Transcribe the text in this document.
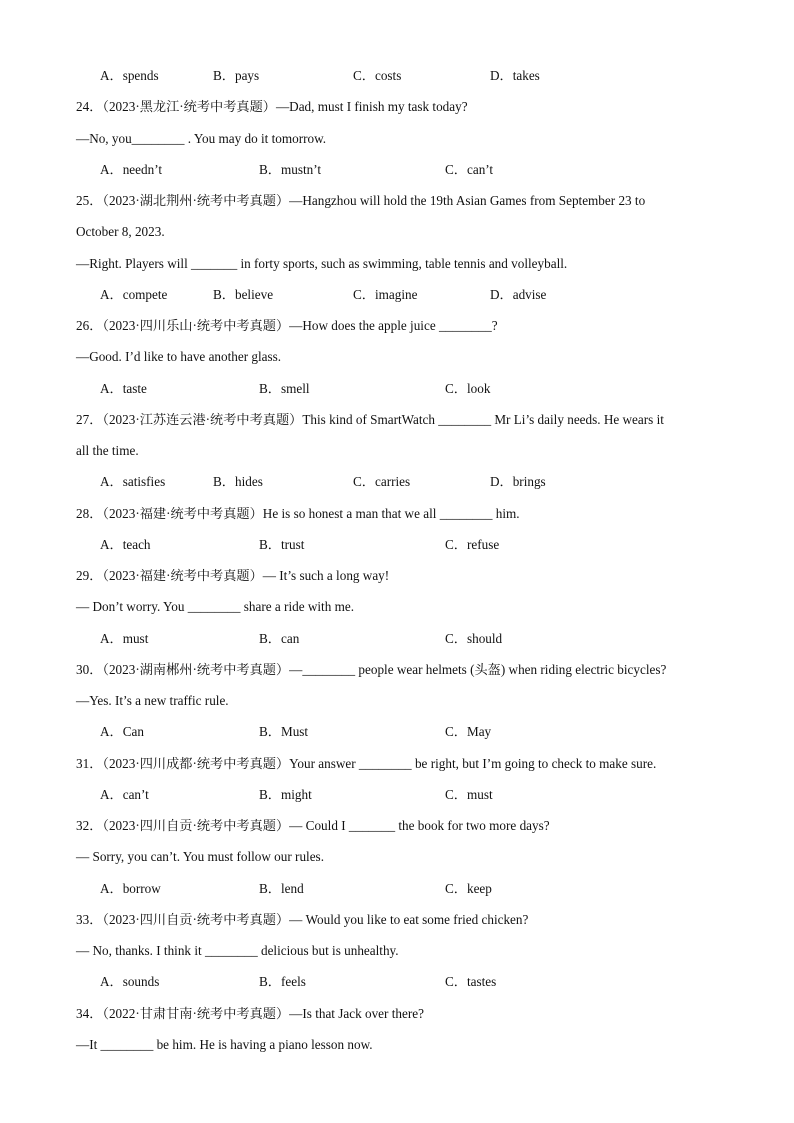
A．spends	B．pays	C．costs	D．takes
24．（2023·黑龙江·统考中考真题）—Dad, must I finish my task today?
—No, you________ . You may do it tomorrow.
A．needn’t	B．mustn’t	C．can’t
25．（2023·湖北荆州·统考中考真题）—Hangzhou will hold the 19th Asian Games from September 23 to
October 8, 2023.
—Right. Players will _______ in forty sports, such as swimming, table tennis and volleyball.
A．compete	B．believe	C．imagine	D．advise
26．（2023·四川乐山·统考中考真题）—How does the apple juice ________?
—Good. I’d like to have another glass.
A．taste	B．smell	C．look
27．（2023·江苏连云港·统考中考真题）This kind of SmartWatch ________ Mr Li’s daily needs. He wears it
all the time.
A．satisfies	B．hides	C．carries	D．brings
28．（2023·福建·统考中考真题）He is so honest a man that we all ________ him.
A．teach	B．trust	C．refuse
29．（2023·福建·统考中考真题）— It’s such a long way!
— Don’t worry. You ________ share a ride with me.
A．must	B．can	C．should
30．（2023·湖南郴州·统考中考真题）—________ people wear helmets (头盔) when riding electric bicycles?
—Yes. It’s a new traffic rule.
A．Can	B．Must	C．May
31．（2023·四川成都·统考中考真题）Your answer ________ be right, but I’m going to check to make sure.
A．can’t	B．might	C．must
32．（2023·四川自贡·统考中考真题）— Could I _______ the book for two more days?
— Sorry, you can’t. You must follow our rules.
A．borrow	B．lend	C．keep
33．（2023·四川自贡·统考中考真题）— Would you like to eat some fried chicken?
— No, thanks. I think it ________ delicious but is unhealthy.
A．sounds	B．feels	C．tastes
34．（2022·甘肃甘南·统考中考真题）—Is that Jack over there?
—It ________ be him. He is having a piano lesson now.
